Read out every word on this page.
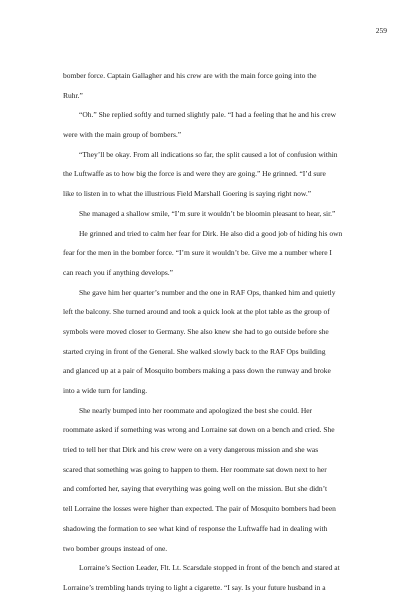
259
bomber force. Captain Gallagher and his crew are with the main force going into the
Ruhr.”
“Oh.” She replied softly and turned slightly pale. “I had a feeling that he and his crew
were with the main group of bombers.”
“They’ll be okay. From all indications so far, the split caused a lot of confusion within
the Luftwaffe as to how big the force is and were they are going.” He grinned. “I’d sure
like to listen in to what the illustrious Field Marshall Goering is saying right now.”
She managed a shallow smile, “I’m sure it wouldn’t be bloomin pleasant to hear, sir.”
He grinned and tried to calm her fear for Dirk. He also did a good job of hiding his own
fear for the men in the bomber force. “I’m sure it wouldn’t be. Give me a number where I
can reach you if anything develops.”
She gave him her quarter’s number and the one in RAF Ops, thanked him and quietly
left the balcony. She turned around and took a quick look at the plot table as the group of
symbols were moved closer to Germany. She also knew she had to go outside before she
started crying in front of the General. She walked slowly back to the RAF Ops building
and glanced up at a pair of Mosquito bombers making a pass down the runway and broke
into a wide turn for landing.
She nearly bumped into her roommate and apologized the best she could. Her
roommate asked if something was wrong and Lorraine sat down on a bench and cried. She
tried to tell her that Dirk and his crew were on a very dangerous mission and she was
scared that something was going to happen to them. Her roommate sat down next to her
and comforted her, saying that everything was going well on the mission. But she didn’t
tell Lorraine the losses were higher than expected. The pair of Mosquito bombers had been
shadowing the formation to see what kind of response the Luftwaffe had in dealing with
two bomber groups instead of one.
Lorraine’s Section Leader, Flt. Lt. Scarsdale stopped in front of the bench and stared at
Lorraine’s trembling hands trying to light a cigarette. “I say. Is your future husband in a
